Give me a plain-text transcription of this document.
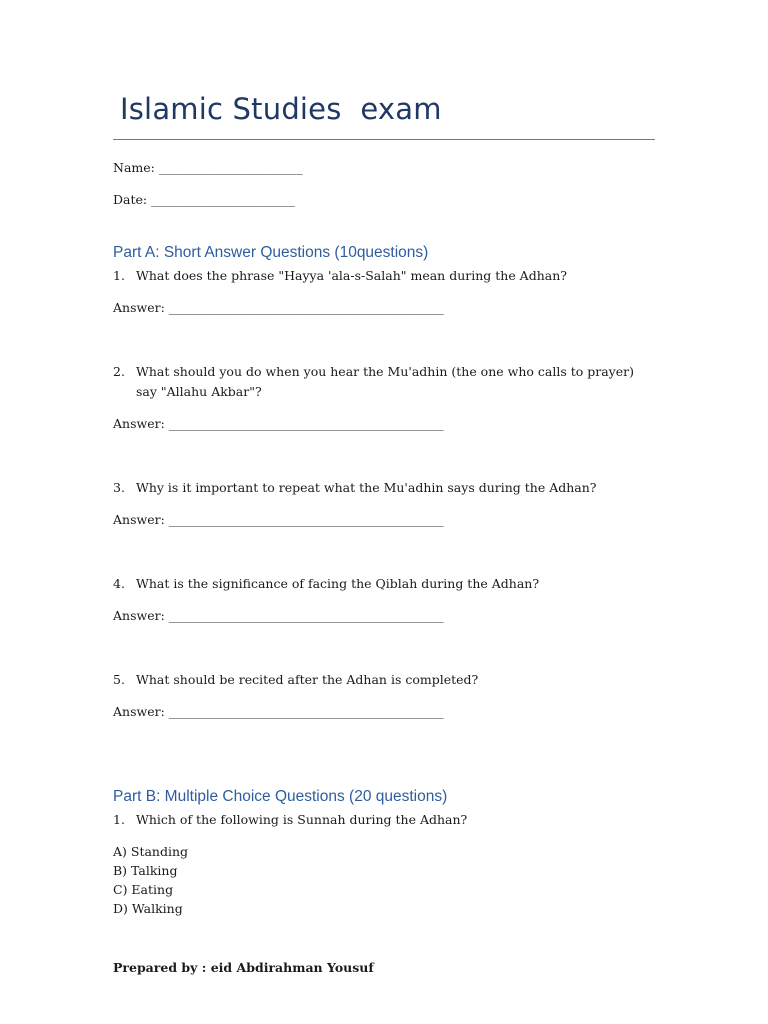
Islamic Studies  exam
Name: _______________________
Date: _______________________
Part A: Short Answer Questions (10questions)
1. What does the phrase "Hayya 'ala-s-Salah" mean during the Adhan?
Answer: ____________________________________________
2. What should you do when you hear the Mu'adhin (the one who calls to prayer) say "Allahu Akbar"?
Answer: ____________________________________________
3. Why is it important to repeat what the Mu'adhin says during the Adhan?
Answer: ____________________________________________
4. What is the significance of facing the Qiblah during the Adhan?
Answer: ____________________________________________
5. What should be recited after the Adhan is completed?
Answer: ____________________________________________
Part B: Multiple Choice Questions (20 questions)
1. Which of the following is Sunnah during the Adhan?
A) Standing
B) Talking
C) Eating
D) Walking
Prepared by : eid Abdirahman Yousuf
